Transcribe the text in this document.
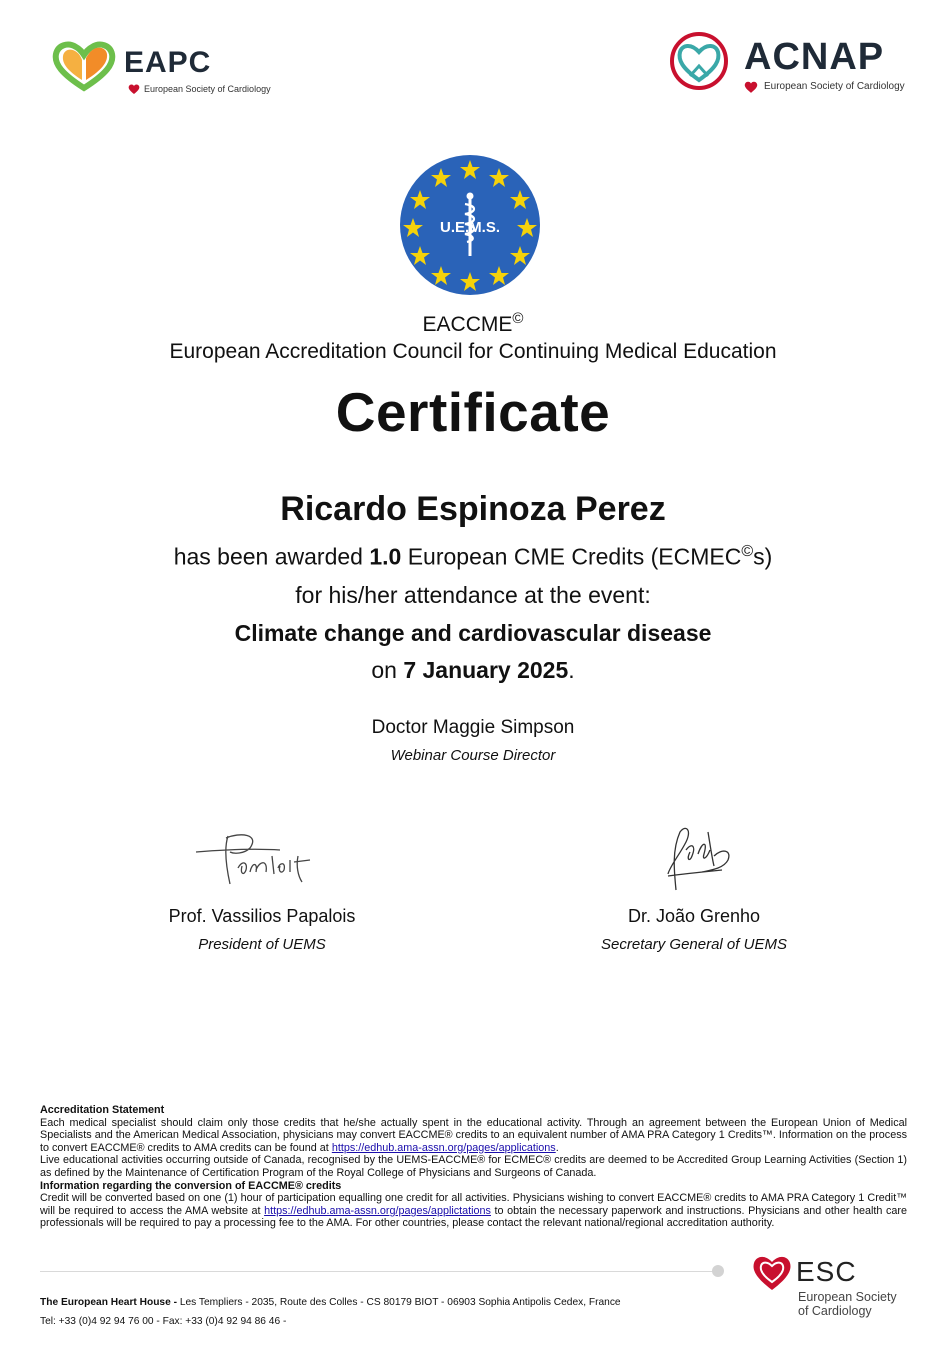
EAPC
European Society of Cardiology
ACNAP
European Society of Cardiology
U.E.M.S.
EACCME©
European Accreditation Council for Continuing Medical Education
Certificate
Ricardo Espinoza Perez
has been awarded 1.0 European CME Credits (ECMEC©s)
for his/her attendance at the event:
Climate change and cardiovascular disease
on 7 January 2025.
Doctor Maggie Simpson
Webinar Course Director
Prof. Vassilios Papalois
President of UEMS
Dr. João Grenho
Secretary General of UEMS

Accreditation Statement

Each medical specialist should claim only those credits that he/she actually spent in the educational activity. Through an agreement between the European Union of Medical Specialists and the American Medical Association, physicians may convert EACCME® credits to an equivalent number of AMA PRA Category 1 Credits™. Information on the process to convert EACCME® credits to AMA credits can be found at https://edhub.ama-assn.org/pages/applications.

Live educational activities occurring outside of Canada, recognised by the UEMS-EACCME® for ECMEC® credits are deemed to be Accredited Group Learning Activities (Section 1) as defined by the Maintenance of Certification Program of the Royal College of Physicians and Surgeons of Canada.

Information regarding the conversion of EACCME® credits

Credit will be converted based on one (1) hour of participation equalling one credit for all activities. Physicians wishing to convert EACCME® credits to AMA PRA Category 1 Credit™ will be required to access the AMA website at https://edhub.ama-assn.org/pages/applictations to obtain the necessary paperwork and instructions. Physicians and other health care professionals will be required to pay a processing fee to the AMA. For other countries, please contact the relevant national/regional accreditation authority.

The European Heart House - Les Templiers - 2035, Route des Colles - CS 80179 BIOT - 06903 Sophia Antipolis Cedex, France
Tel: +33 (0)4 92 94 76 00 - Fax: +33 (0)4 92 94 86 46 -
ESC
European Society
of Cardiology
